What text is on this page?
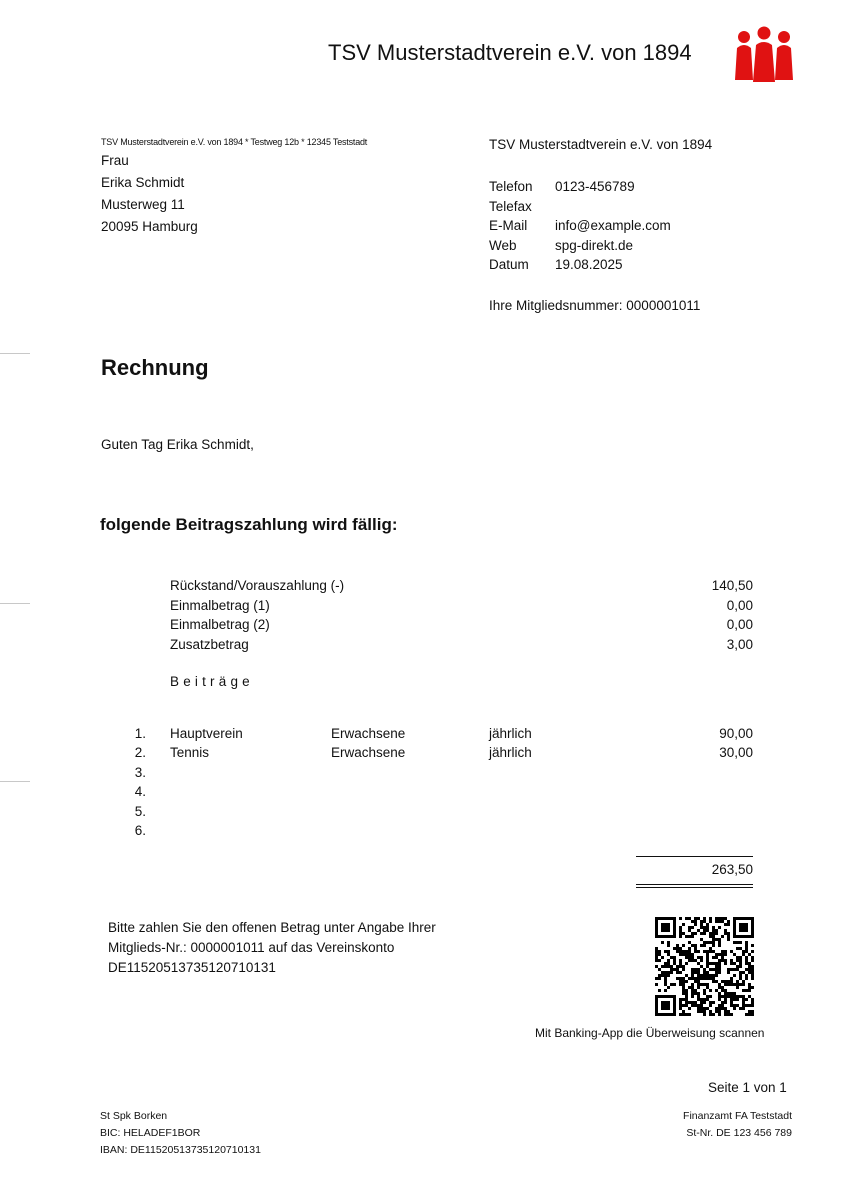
TSV Musterstadtverein e.V. von 1894
TSV Musterstadtverein e.V. von 1894 * Testweg 12b * 12345 Teststadt
Frau
Erika Schmidt
Musterweg 11
20095 Hamburg
TSV Musterstadtverein e.V. von 1894
Telefon	0123-456789
Telefax
E-Mail	info@example.com
Web	spg-direkt.de
Datum	19.08.2025
Ihre Mitgliedsnummer: 0000001011
Rechnung
Guten Tag Erika Schmidt,
folgende Beitragszahlung wird fällig:
Rückstand/Vorauszahlung (-)	140,50
Einmalbetrag (1)	0,00
Einmalbetrag (2)	0,00
Zusatzbetrag	3,00
Beiträge
1. Hauptverein	Erwachsene	jährlich	90,00
2. Tennis	Erwachsene	jährlich	30,00
3.
4.
5.
6.
263,50
Bitte zahlen Sie den offenen Betrag unter Angabe Ihrer
Mitglieds-Nr.: 0000001011 auf das Vereinskonto
DE11520513735120710131
Mit Banking-App die Überweisung scannen
Seite 1 von 1
St Spk Borken
BIC: HELADEF1BOR
IBAN: DE11520513735120710131
Finanzamt FA Teststadt
St-Nr. DE 123 456 789
